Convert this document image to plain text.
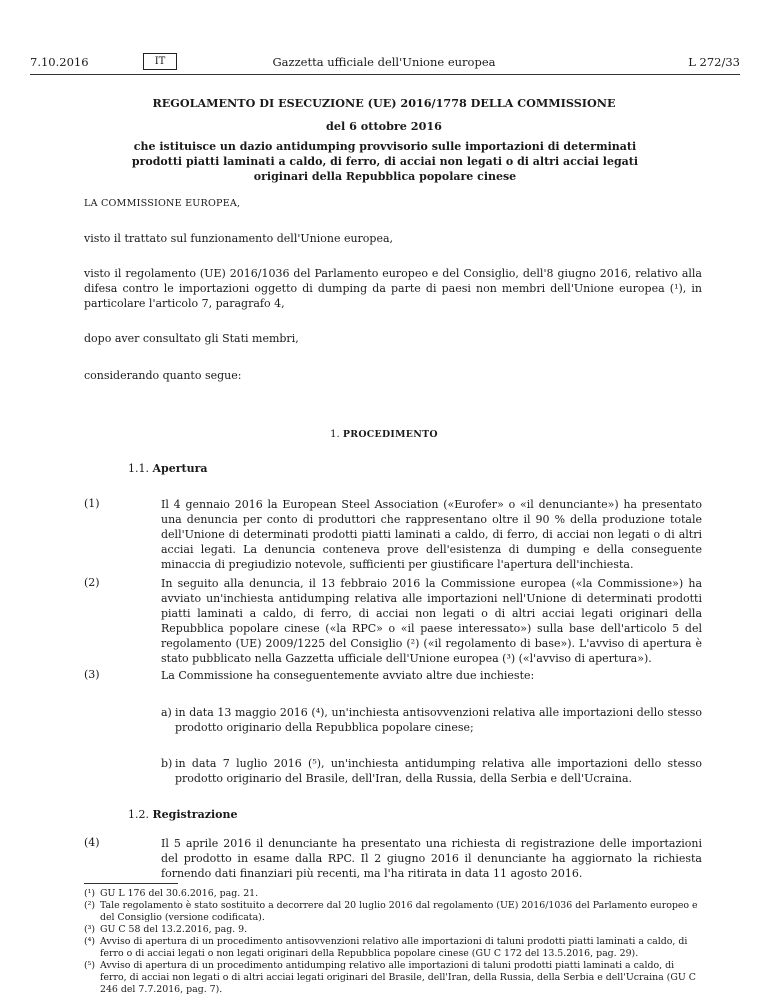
7.10.2016	IT	Gazzetta ufficiale dell'Unione europea	L 272/33
REGOLAMENTO DI ESECUZIONE (UE) 2016/1778 DELLA COMMISSIONE
del 6 ottobre 2016
che istituisce un dazio antidumping provvisorio sulle importazioni di determinati prodotti piatti laminati a caldo, di ferro, di acciai non legati o di altri acciai legati originari della Repubblica popolare cinese
LA COMMISSIONE EUROPEA,
visto il trattato sul funzionamento dell'Unione europea,
visto il regolamento (UE) 2016/1036 del Parlamento europeo e del Consiglio, dell'8 giugno 2016, relativo alla difesa contro le importazioni oggetto di dumping da parte di paesi non membri dell'Unione europea (¹), in particolare l'articolo 7, paragrafo 4,
dopo aver consultato gli Stati membri,
considerando quanto segue:
1. PROCEDIMENTO
1.1. Apertura
(1)	Il 4 gennaio 2016 la European Steel Association («Eurofer» o «il denunciante») ha presentato una denuncia per conto di produttori che rappresentano oltre il 90 % della produzione totale dell'Unione di determinati prodotti piatti laminati a caldo, di ferro, di acciai non legati o di altri acciai legati. La denuncia conteneva prove dell'esistenza di dumping e della conseguente minaccia di pregiudizio notevole, sufficienti per giustificare l'apertura dell'inchiesta.
(2)	In seguito alla denuncia, il 13 febbraio 2016 la Commissione europea («la Commissione») ha avviato un'inchiesta antidumping relativa alle importazioni nell'Unione di determinati prodotti piatti laminati a caldo, di ferro, di acciai non legati o di altri acciai legati originari della Repubblica popolare cinese («la RPC» o «il paese interessato») sulla base dell'articolo 5 del regolamento (UE) 2009/1225 del Consiglio (²) («il regolamento di base»). L'avviso di apertura è stato pubblicato nella Gazzetta ufficiale dell'Unione europea (³) («l'avviso di apertura»).
(3)	La Commissione ha conseguentemente avviato altre due inchieste:
a) in data 13 maggio 2016 (⁴), un'inchiesta antisovvenzioni relativa alle importazioni dello stesso prodotto originario della Repubblica popolare cinese;
b) in data 7 luglio 2016 (⁵), un'inchiesta antidumping relativa alle importazioni dello stesso prodotto originario del Brasile, dell'Iran, della Russia, della Serbia e dell'Ucraina.
1.2. Registrazione
(4)	Il 5 aprile 2016 il denunciante ha presentato una richiesta di registrazione delle importazioni del prodotto in esame dalla RPC. Il 2 giugno 2016 il denunciante ha aggiornato la richiesta fornendo dati finanziari più recenti, ma l'ha ritirata in data 11 agosto 2016.
(¹) GU L 176 del 30.6.2016, pag. 21.
(²) Tale regolamento è stato sostituito a decorrere dal 20 luglio 2016 dal regolamento (UE) 2016/1036 del Parlamento europeo e del Consiglio (versione codificata).
(³) GU C 58 del 13.2.2016, pag. 9.
(⁴) Avviso di apertura di un procedimento antisovvenzioni relativo alle importazioni di taluni prodotti piatti laminati a caldo, di ferro o di acciai legati o non legati originari della Repubblica popolare cinese (GU C 172 del 13.5.2016, pag. 29).
(⁵) Avviso di apertura di un procedimento antidumping relativo alle importazioni di taluni prodotti piatti laminati a caldo, di ferro, di acciai non legati o di altri acciai legati originari del Brasile, dell'Iran, della Russia, della Serbia e dell'Ucraina (GU C 246 del 7.7.2016, pag. 7).
